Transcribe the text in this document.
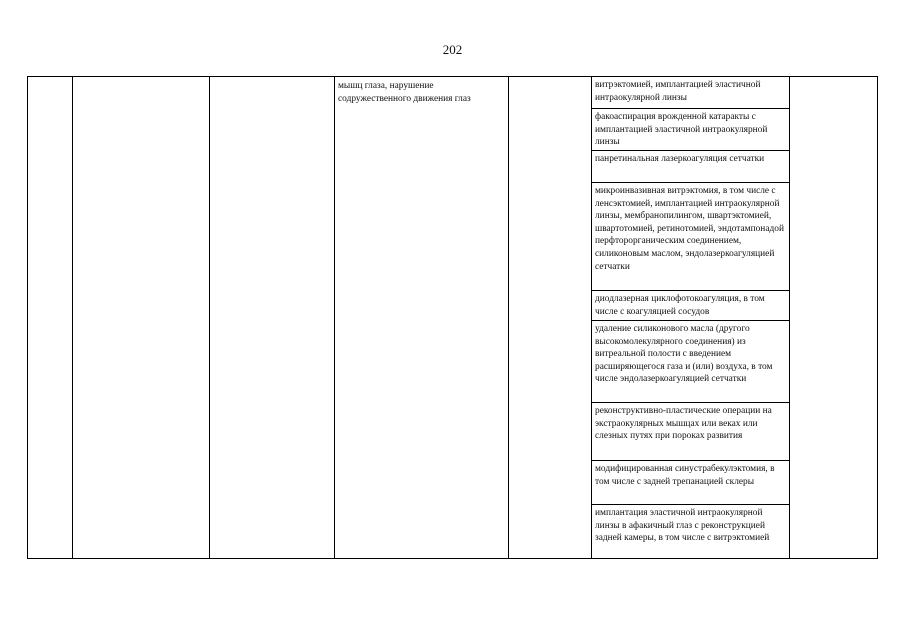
202
мышц глаза, нарушение содружественного движения глаз
витрэктомией, имплантацией эластичной интраокулярной линзы
факоаспирация врожденной катаракты с имплантацией эластичной интраокулярной линзы
панретинальная лазеркоагуляция сетчатки
микроинвазивная витрэктомия, в том числе с ленсэктомией, имплантацией интраокулярной линзы, мембранопилингом, швартэктомией, швартотомией, ретинотомией, эндотампонадой перфторорганическим соединением, силиконовым маслом, эндолазеркоагуляцией сетчатки
диодлазерная циклофотокоагуляция, в том числе с коагуляцией сосудов
удаление силиконового масла (другого высокомолекулярного соединения) из витреальной полости с введением расширяющегося газа и (или) воздуха, в том числе эндолазеркоагуляцией сетчатки
реконструктивно-пластические операции на экстраокулярных мышцах или веках или слезных путях при пороках развития
модифицированная синустрабекулэктомия, в том числе с задней трепанацией склеры
имплантация эластичной интраокулярной линзы в афакичный глаз с реконструкцией задней камеры, в том числе с витрэктомией
